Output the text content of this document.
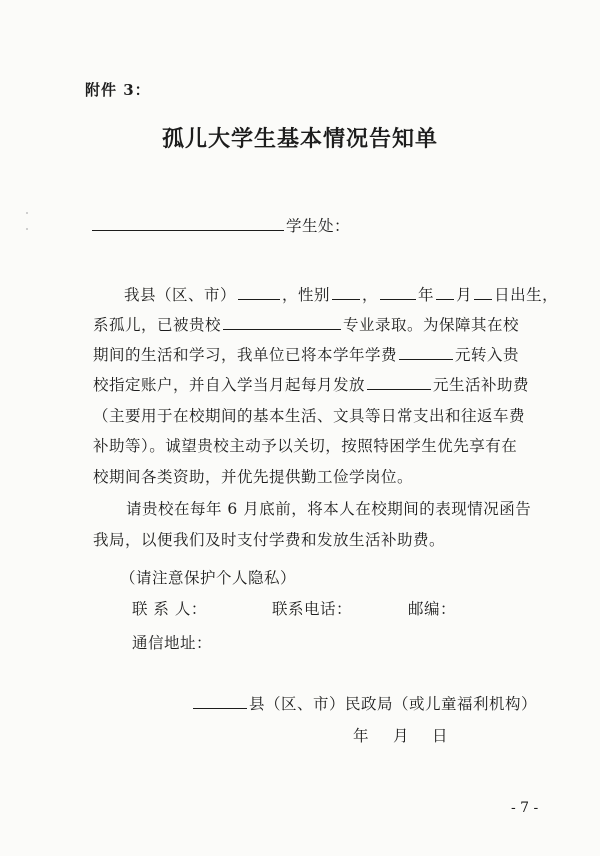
附件 3：
孤儿大学生基本情况告知单
学生处：
我县（区、市）	，性别 ，	年 月 日出生，
系孤儿，已被贵校	专业录取。为保障其在校
期间的生活和学习，我单位已将本学年学费	元转入贵
校指定账户，并自入学当月起每月发放	元生活补助费
（主要用于在校期间的基本生活、文具等日常支出和往返车费
补助等）。诚望贵校主动予以关切，按照特困学生优先享有在
校期间各类资助，并优先提供勤工俭学岗位。
请贵校在每年 6 月底前，将本人在校期间的表现情况函告
我局，以便我们及时支付学费和发放生活补助费。
（请注意保护个人隐私）
联 系 人：	联系电话：	邮编：
通信地址：
县（区、市）民政局（或儿童福利机构）
年 月 日
- 7 -
